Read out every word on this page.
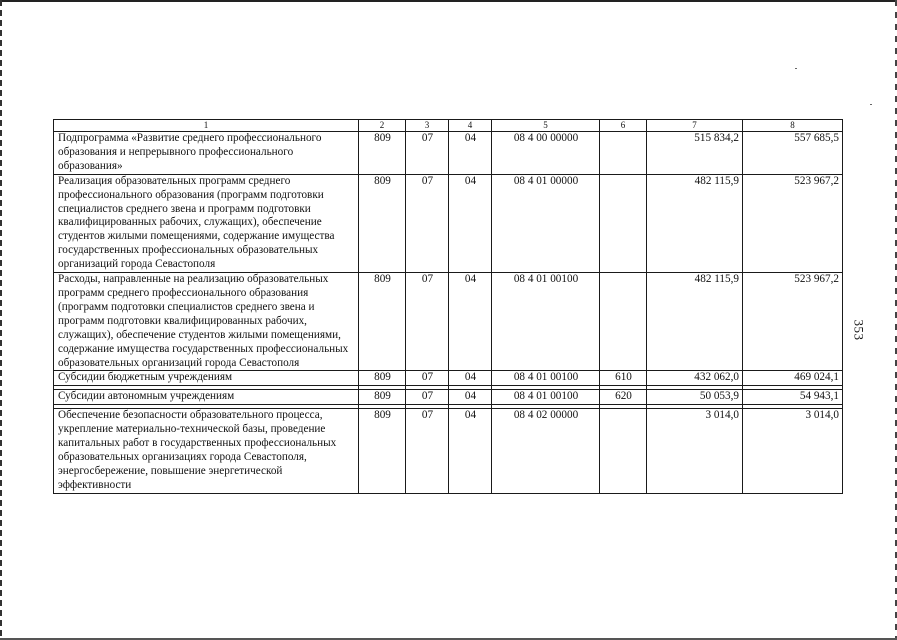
1	2	3	4	5	6	7	8
Подпрограмма «Развитие среднего профессионального образования и непрерывного профессионального образования»	809	07	04	08 4 00 00000		515 834,2	557 685,5
Реализация образовательных программ среднего профессионального образования (программ подготовки специалистов среднего звена и программ подготовки квалифицированных рабочих, служащих), обеспечение студентов жилыми помещениями, содержание имущества государственных профессиональных образовательных организаций города Севастополя	809	07	04	08 4 01 00000		482 115,9	523 967,2
Расходы, направленные на реализацию образовательных программ среднего профессионального образования (программ подготовки специалистов среднего звена и программ подготовки квалифицированных рабочих, служащих), обеспечение студентов жилыми помещениями, содержание имущества государственных профессиональных образовательных организаций города Севастополя	809	07	04	08 4 01 00100		482 115,9	523 967,2
Субсидии бюджетным учреждениям	809	07	04	08 4 01 00100	610	432 062,0	469 024,1

Субсидии автономным учреждениям	809	07	04	08 4 01 00100	620	50 053,9	54 943,1

Обеспечение безопасности образовательного процесса, укрепление материально-технической базы, проведение капитальных работ в государственных профессиональных образовательных организациях города Севастополя, энергосбережение, повышение энергетической эффективности	809	07	04	08 4 02 00000		3 014,0	3 014,0
353
